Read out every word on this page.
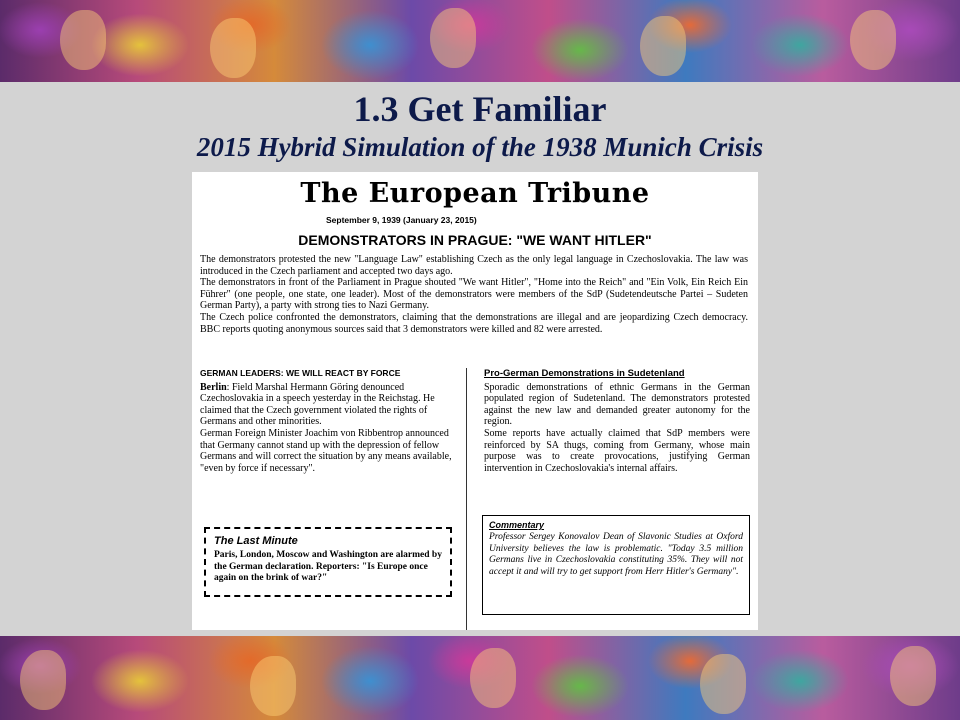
1.3 Get Familiar
2015 Hybrid Simulation of the 1938 Munich Crisis
The European Tribune
September 9, 1939 (January 23, 2015)
DEMONSTRATORS IN PRAGUE: "WE WANT HITLER"

The demonstrators protested the new "Language Law" establishing Czech as the only legal language in Czechoslovakia. The law was introduced in the Czech parliament and accepted two days ago.

The demonstrators in front of the Parliament in Prague shouted "We want Hitler", "Home into the Reich" and "Ein Volk, Ein Reich Ein Führer" (one people, one state, one leader). Most of the demonstrators were members of the SdP (Sudetendeutsche Partei – Sudeten German Party), a party with strong ties to Nazi Germany.

The Czech police confronted the demonstrators, claiming that the demonstrations are illegal and are jeopardizing Czech democracy. BBC reports quoting anonymous sources said that 3 demonstrators were killed and 82 were arrested.

GERMAN LEADERS: WE WILL REACT BY FORCE

Berlin: Field Marshal Hermann Göring denounced Czechoslovakia in a speech yesterday in the Reichstag. He claimed that the Czech government violated the rights of Germans and other minorities.

German Foreign Minister Joachim von Ribbentrop announced that Germany cannot stand up with the depression of fellow Germans and will correct the situation by any means available, "even by force if necessary".

Pro-German Demonstrations in Sudetenland

Sporadic demonstrations of ethnic Germans in the German populated region of Sudetenland. The demonstrators protested against the new law and demanded greater autonomy for the region.

Some reports have actually claimed that SdP members were reinforced by SA thugs, coming from Germany, whose main purpose was to create provocations, justifying German intervention in Czechoslovakia's internal affairs.

The Last Minute

Paris, London, Moscow and Washington are alarmed by the German declaration. Reporters: "Is Europe once again on the brink of war?"

Commentary

Professor Sergey Konovalov Dean of Slavonic Studies at Oxford University believes the law is problematic. "Today 3.5 million Germans live in Czechoslovakia constituting 35%. They will not accept it and will try to get support from Herr Hitler's Germany".
